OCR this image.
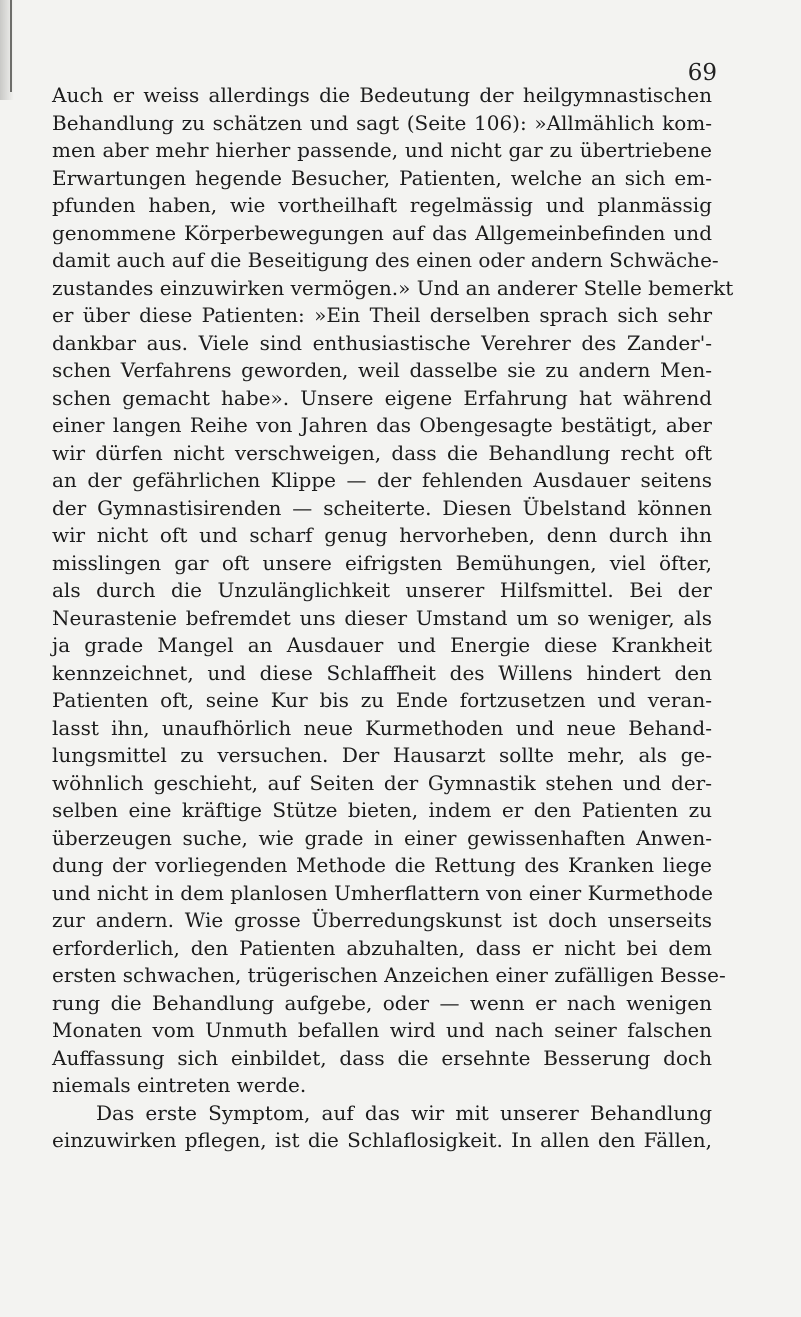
69
Auch er weiss allerdings die Bedeutung der heilgymnastischen
Behandlung zu schätzen und sagt (Seite 106): »Allmählich kom-
men aber mehr hierher passende, und nicht gar zu übertriebene
Erwartungen hegende Besucher, Patienten, welche an sich em-
pfunden haben, wie vortheilhaft regelmässig und planmässig
genommene Körperbewegungen auf das Allgemeinbefinden und
damit auch auf die Beseitigung des einen oder andern Schwäche-
zustandes einzuwirken vermögen.» Und an anderer Stelle bemerkt
er über diese Patienten: »Ein Theil derselben sprach sich sehr
dankbar aus. Viele sind enthusiastische Verehrer des Zander'-
schen Verfahrens geworden, weil dasselbe sie zu andern Men-
schen gemacht habe». Unsere eigene Erfahrung hat während
einer langen Reihe von Jahren das Obengesagte bestätigt, aber
wir dürfen nicht verschweigen, dass die Behandlung recht oft
an der gefährlichen Klippe — der fehlenden Ausdauer seitens
der Gymnastisirenden — scheiterte. Diesen Übelstand können
wir nicht oft und scharf genug hervorheben, denn durch ihn
misslingen gar oft unsere eifrigsten Bemühungen, viel öfter,
als durch die Unzulänglichkeit unserer Hilfsmittel. Bei der
Neurastenie befremdet uns dieser Umstand um so weniger, als
ja grade Mangel an Ausdauer und Energie diese Krankheit
kennzeichnet, und diese Schlaffheit des Willens hindert den
Patienten oft, seine Kur bis zu Ende fortzusetzen und veran-
lasst ihn, unaufhörlich neue Kurmethoden und neue Behand-
lungsmittel zu versuchen. Der Hausarzt sollte mehr, als ge-
wöhnlich geschieht, auf Seiten der Gymnastik stehen und der-
selben eine kräftige Stütze bieten, indem er den Patienten zu
überzeugen suche, wie grade in einer gewissenhaften Anwen-
dung der vorliegenden Methode die Rettung des Kranken liege
und nicht in dem planlosen Umherflattern von einer Kurmethode
zur andern. Wie grosse Überredungskunst ist doch unserseits
erforderlich, den Patienten abzuhalten, dass er nicht bei dem
ersten schwachen, trügerischen Anzeichen einer zufälligen Besse-
rung die Behandlung aufgebe, oder — wenn er nach wenigen
Monaten vom Unmuth befallen wird und nach seiner falschen
Auffassung sich einbildet, dass die ersehnte Besserung doch
niemals eintreten werde.
Das erste Symptom, auf das wir mit unserer Behandlung
einzuwirken pflegen, ist die Schlaflosigkeit. In allen den Fällen,
